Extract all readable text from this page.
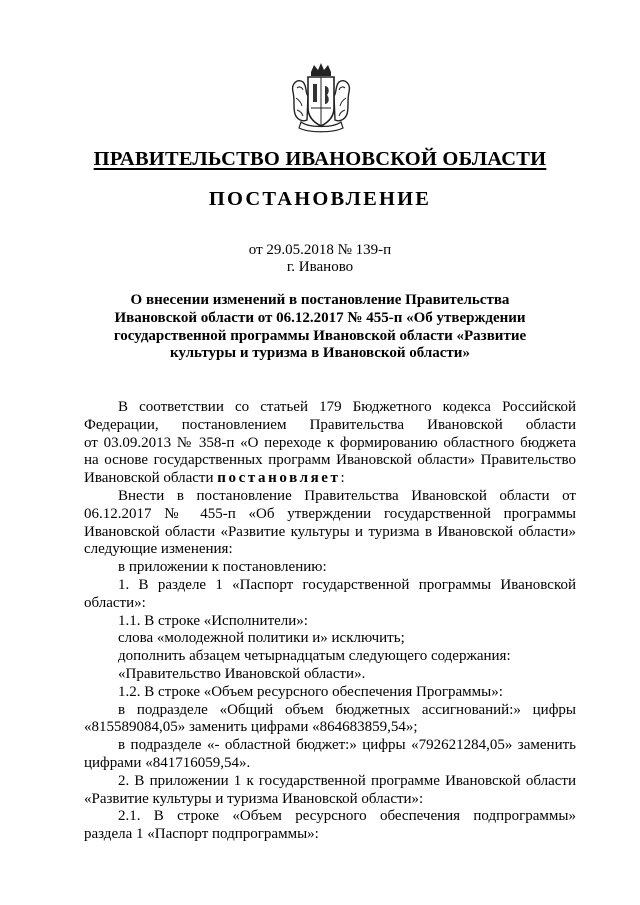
ПРАВИТЕЛЬСТВО ИВАНОВСКОЙ ОБЛАСТИ
ПОСТАНОВЛЕНИЕ
от 29.05.2018 № 139-п
г. Иваново
О внесении изменений в постановление Правительства
Ивановской области от 06.12.2017 № 455-п «Об утверждении
государственной программы Ивановской области «Развитие
культуры и туризма в Ивановской области»
В соответствии со статьей 179 Бюджетного кодекса Российской
Федерации, постановлением Правительства Ивановской области
от 03.09.2013 № 358-п «О переходе к формированию областного бюджета
на основе государственных программ Ивановской области» Правительство
Ивановской области постановляет:
Внести в постановление Правительства Ивановской области от
06.12.2017 № 455-п «Об утверждении государственной программы
Ивановской области «Развитие культуры и туризма в Ивановской области»
следующие изменения:
в приложении к постановлению:
1. В разделе 1 «Паспорт государственной программы Ивановской
области»:
1.1. В строке «Исполнители»:
слова «молодежной политики и» исключить;
дополнить абзацем четырнадцатым следующего содержания:
«Правительство Ивановской области».
1.2. В строке «Объем ресурсного обеспечения Программы»:
в подразделе «Общий объем бюджетных ассигнований:» цифры
«815589084,05» заменить цифрами «864683859,54»;
в подразделе «- областной бюджет:» цифры «792621284,05» заменить
цифрами «841716059,54».
2. В приложении 1 к государственной программе Ивановской области
«Развитие культуры и туризма Ивановской области»:
2.1. В строке «Объем ресурсного обеспечения подпрограммы»
раздела 1 «Паспорт подпрограммы»:
